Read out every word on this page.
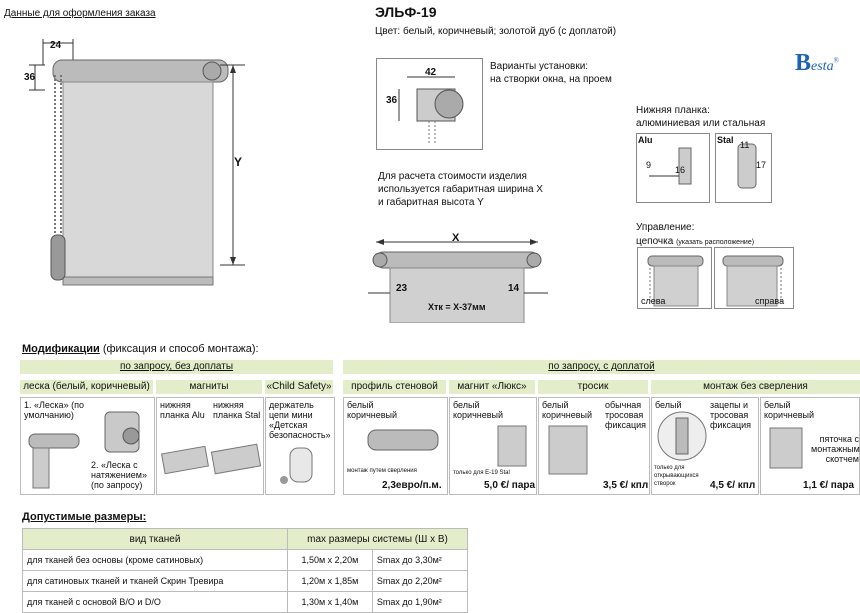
Данные для оформления заказа	ЭЛЬФ-19
Цвет: белый, коричневый; золотой дуб (с доплатой)
Besta®
24
36
Y
42
36
Варианты установки:
на створки окна, на проем
Для расчета стоимости изделия
используется габаритная ширина X
и габаритная высота Y
X
23	14
Xтк = X-37мм
Нижняя планка:
алюминиевая или стальная
Alu
9	16
Stal 11
17
Управление:
цепочка (указать расположение)
слева	справа
Модификации (фиксация и способ монтажа):
по запросу, без доплаты	по запросу, с доплатой
леска (белый, коричневый)	магниты	«Child Safety»	профиль стеновой	магнит «Люкс»	тросик	монтаж без сверления
1. «Леска» (по умолчанию)
2. «Леска с натяжением» (по запросу)
нижняя планка Alu
нижняя планка Stal
держатель цепи мини «Детская безопасность»
белый коричневый
монтаж путем сверления
2,3евро/п.м.
белый коричневый
только для Е-19 Stal
5,0 €/ пара
белый коричневый
обычная тросовая фиксация
3,5 €/ кпл
белый	зацепы и тросовая фиксация
только для открывающихся створок	4,5 €/ кпл
белый коричневый
пяточка с монтажным скотчем
1,1 €/ пара
Допустимые размеры:
вид тканей	max размеры системы (Ш х В)	
для тканей без основы (кроме сатиновых)	1,50м х 2,20м	Smax до 3,30м²
для сатиновых тканей и тканей Скрин Тревира	1,20м х 1,85м	Smax до 2,20м²
для тканей с основой В/О и D/O	1,30м х 1,40м	Smax до 1,90м²
